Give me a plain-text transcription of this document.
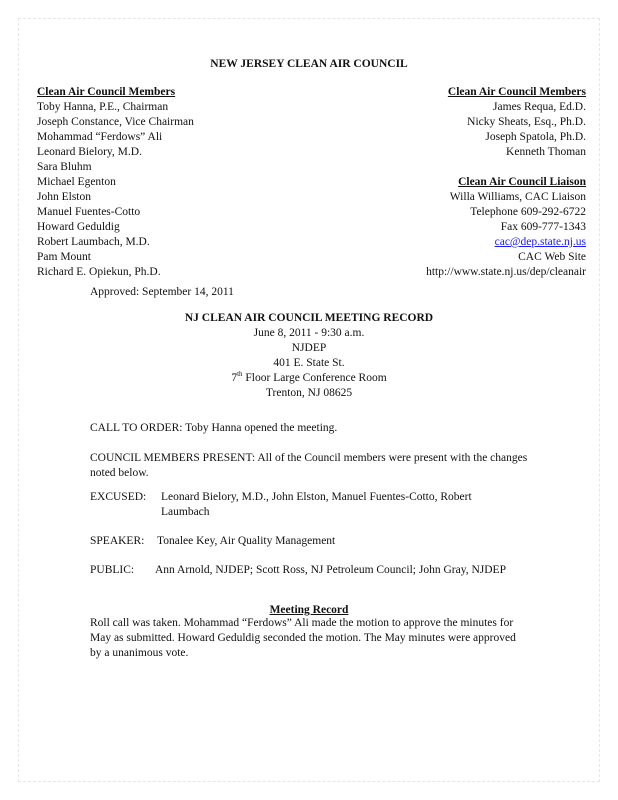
NEW JERSEY CLEAN AIR COUNCIL
Clean Air Council Members
Toby Hanna, P.E., Chairman
Joseph Constance, Vice Chairman
Mohammad “Ferdows” Ali
Leonard Bielory, M.D.
Sara Bluhm
Michael Egenton
John Elston
Manuel Fuentes-Cotto
Howard Geduldig
Robert Laumbach, M.D.
Pam Mount
Richard E. Opiekun, Ph.D.
Clean Air Council Members
James Requa, Ed.D.
Nicky Sheats, Esq., Ph.D.
Joseph Spatola, Ph.D.
Kenneth Thoman
Clean Air Council Liaison
Willa Williams, CAC Liaison
Telephone 609-292-6722
Fax 609-777-1343
cac@dep.state.nj.us
CAC Web Site
http://www.state.nj.us/dep/cleanair
Approved: September 14, 2011
NJ CLEAN AIR COUNCIL MEETING RECORD
June 8, 2011 - 9:30 a.m.
NJDEP
401 E. State St.
7th Floor Large Conference Room
Trenton, NJ 08625
CALL TO ORDER: Toby Hanna opened the meeting.
COUNCIL MEMBERS PRESENT: All of the Council members were present with the changes noted below.
EXCUSED:	Leonard Bielory, M.D., John Elston, Manuel Fuentes-Cotto, Robert
Laumbach
SPEAKER:	Tonalee Key, Air Quality Management
PUBLIC:	Ann Arnold, NJDEP; Scott Ross, NJ Petroleum Council; John Gray, NJDEP
Meeting Record
Roll call was taken. Mohammad “Ferdows” Ali made the motion to approve the minutes for May as submitted. Howard Geduldig seconded the motion. The May minutes were approved by a unanimous vote.
